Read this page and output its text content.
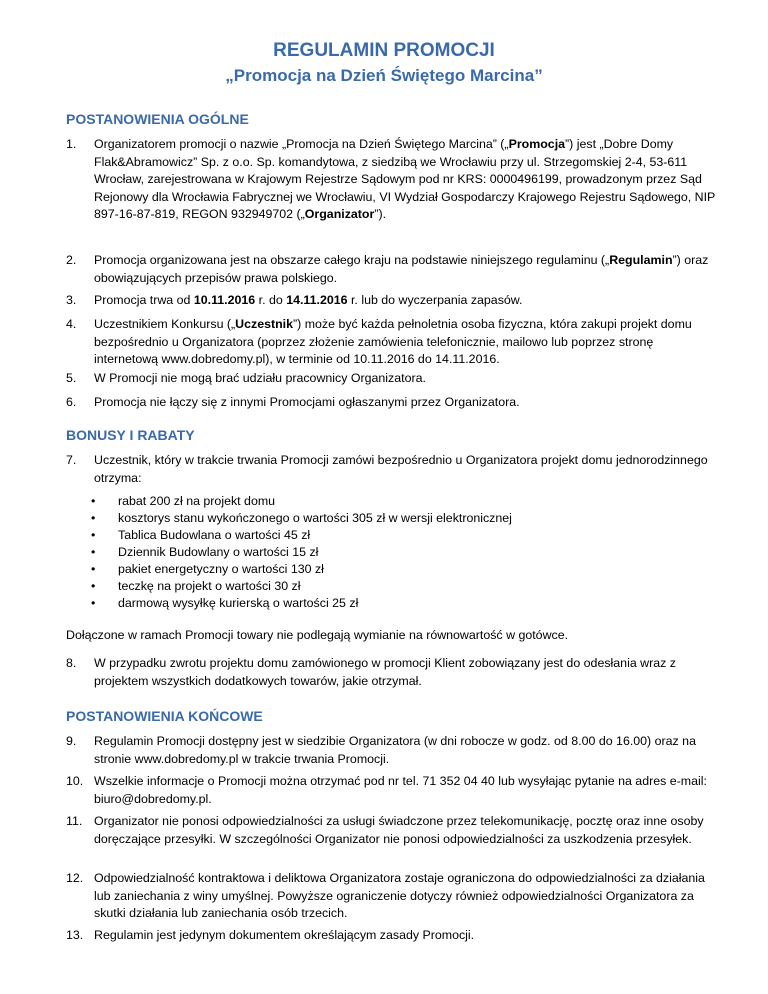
REGULAMIN PROMOCJI
„Promocja na Dzień Świętego Marcina”
POSTANOWIENIA OGÓLNE
1. Organizatorem promocji o nazwie „Promocja na Dzień Świętego Marcina” („Promocja”) jest „Dobre Domy Flak&Abramowicz” Sp. z o.o. Sp. komandytowa, z siedzibą we Wrocławiu przy ul. Strzegomskiej 2-4, 53-611 Wrocław, zarejestrowana w Krajowym Rejestrze Sądowym pod nr KRS: 0000496199, prowadzonym przez Sąd Rejonowy dla Wrocławia Fabrycznej we Wrocławiu, VI Wydział Gospodarczy Krajowego Rejestru Sądowego, NIP 897-16-87-819, REGON 932949702 („Organizator”).
2. Promocja organizowana jest na obszarze całego kraju na podstawie niniejszego regulaminu („Regulamin”) oraz obowiązujących przepisów prawa polskiego.
3. Promocja trwa od 10.11.2016 r. do 14.11.2016 r. lub do wyczerpania zapasów.
4. Uczestnikiem Konkursu („Uczestnik”) może być każda pełnoletnia osoba fizyczna, która zakupi projekt domu bezpośrednio u Organizatora (poprzez złożenie zamówienia telefonicznie, mailowo lub poprzez stronę internetową www.dobredomy.pl), w terminie od 10.11.2016 do 14.11.2016.
5. W Promocji nie mogą brać udziału pracownicy Organizatora.
6. Promocja nie łączy się z innymi Promocjami ogłaszanymi przez Organizatora.
BONUSY I RABATY
7. Uczestnik, który w trakcie trwania Promocji zamówi bezpośrednio u Organizatora projekt domu jednorodzinnego otrzyma:
• rabat 200 zł na projekt domu
• kosztorys stanu wykończonego o wartości 305 zł w wersji elektronicznej
• Tablica Budowlana o wartości 45 zł
• Dziennik Budowlany o wartości 15 zł
• pakiet energetyczny o wartości 130 zł
• teczkę na projekt o wartości 30 zł
• darmową wysyłkę kurierską o wartości 25 zł
Dołączone w ramach Promocji towary nie podlegają wymianie na równowartość w gotówce.
8. W przypadku zwrotu projektu domu zamówionego w promocji Klient zobowiązany jest do odesłania wraz z projektem wszystkich dodatkowych towarów, jakie otrzymał.
POSTANOWIENIA KOŃCOWE
9. Regulamin Promocji dostępny jest w siedzibie Organizatora (w dni robocze w godz. od 8.00 do 16.00) oraz na stronie www.dobredomy.pl w trakcie trwania Promocji.
10. Wszelkie informacje o Promocji można otrzymać pod nr tel. 71 352 04 40 lub wysyłając pytanie na adres e-mail: biuro@dobredomy.pl.
11. Organizator nie ponosi odpowiedzialności za usługi świadczone przez telekomunikację, pocztę oraz inne osoby doręczające przesyłki. W szczególności Organizator nie ponosi odpowiedzialności za uszkodzenia przesyłek.
12. Odpowiedzialność kontraktowa i deliktowa Organizatora zostaje ograniczona do odpowiedzialności za działania lub zaniechania z winy umyślnej. Powyższe ograniczenie dotyczy również odpowiedzialności Organizatora za skutki działania lub zaniechania osób trzecich.
13. Regulamin jest jedynym dokumentem określającym zasady Promocji.
